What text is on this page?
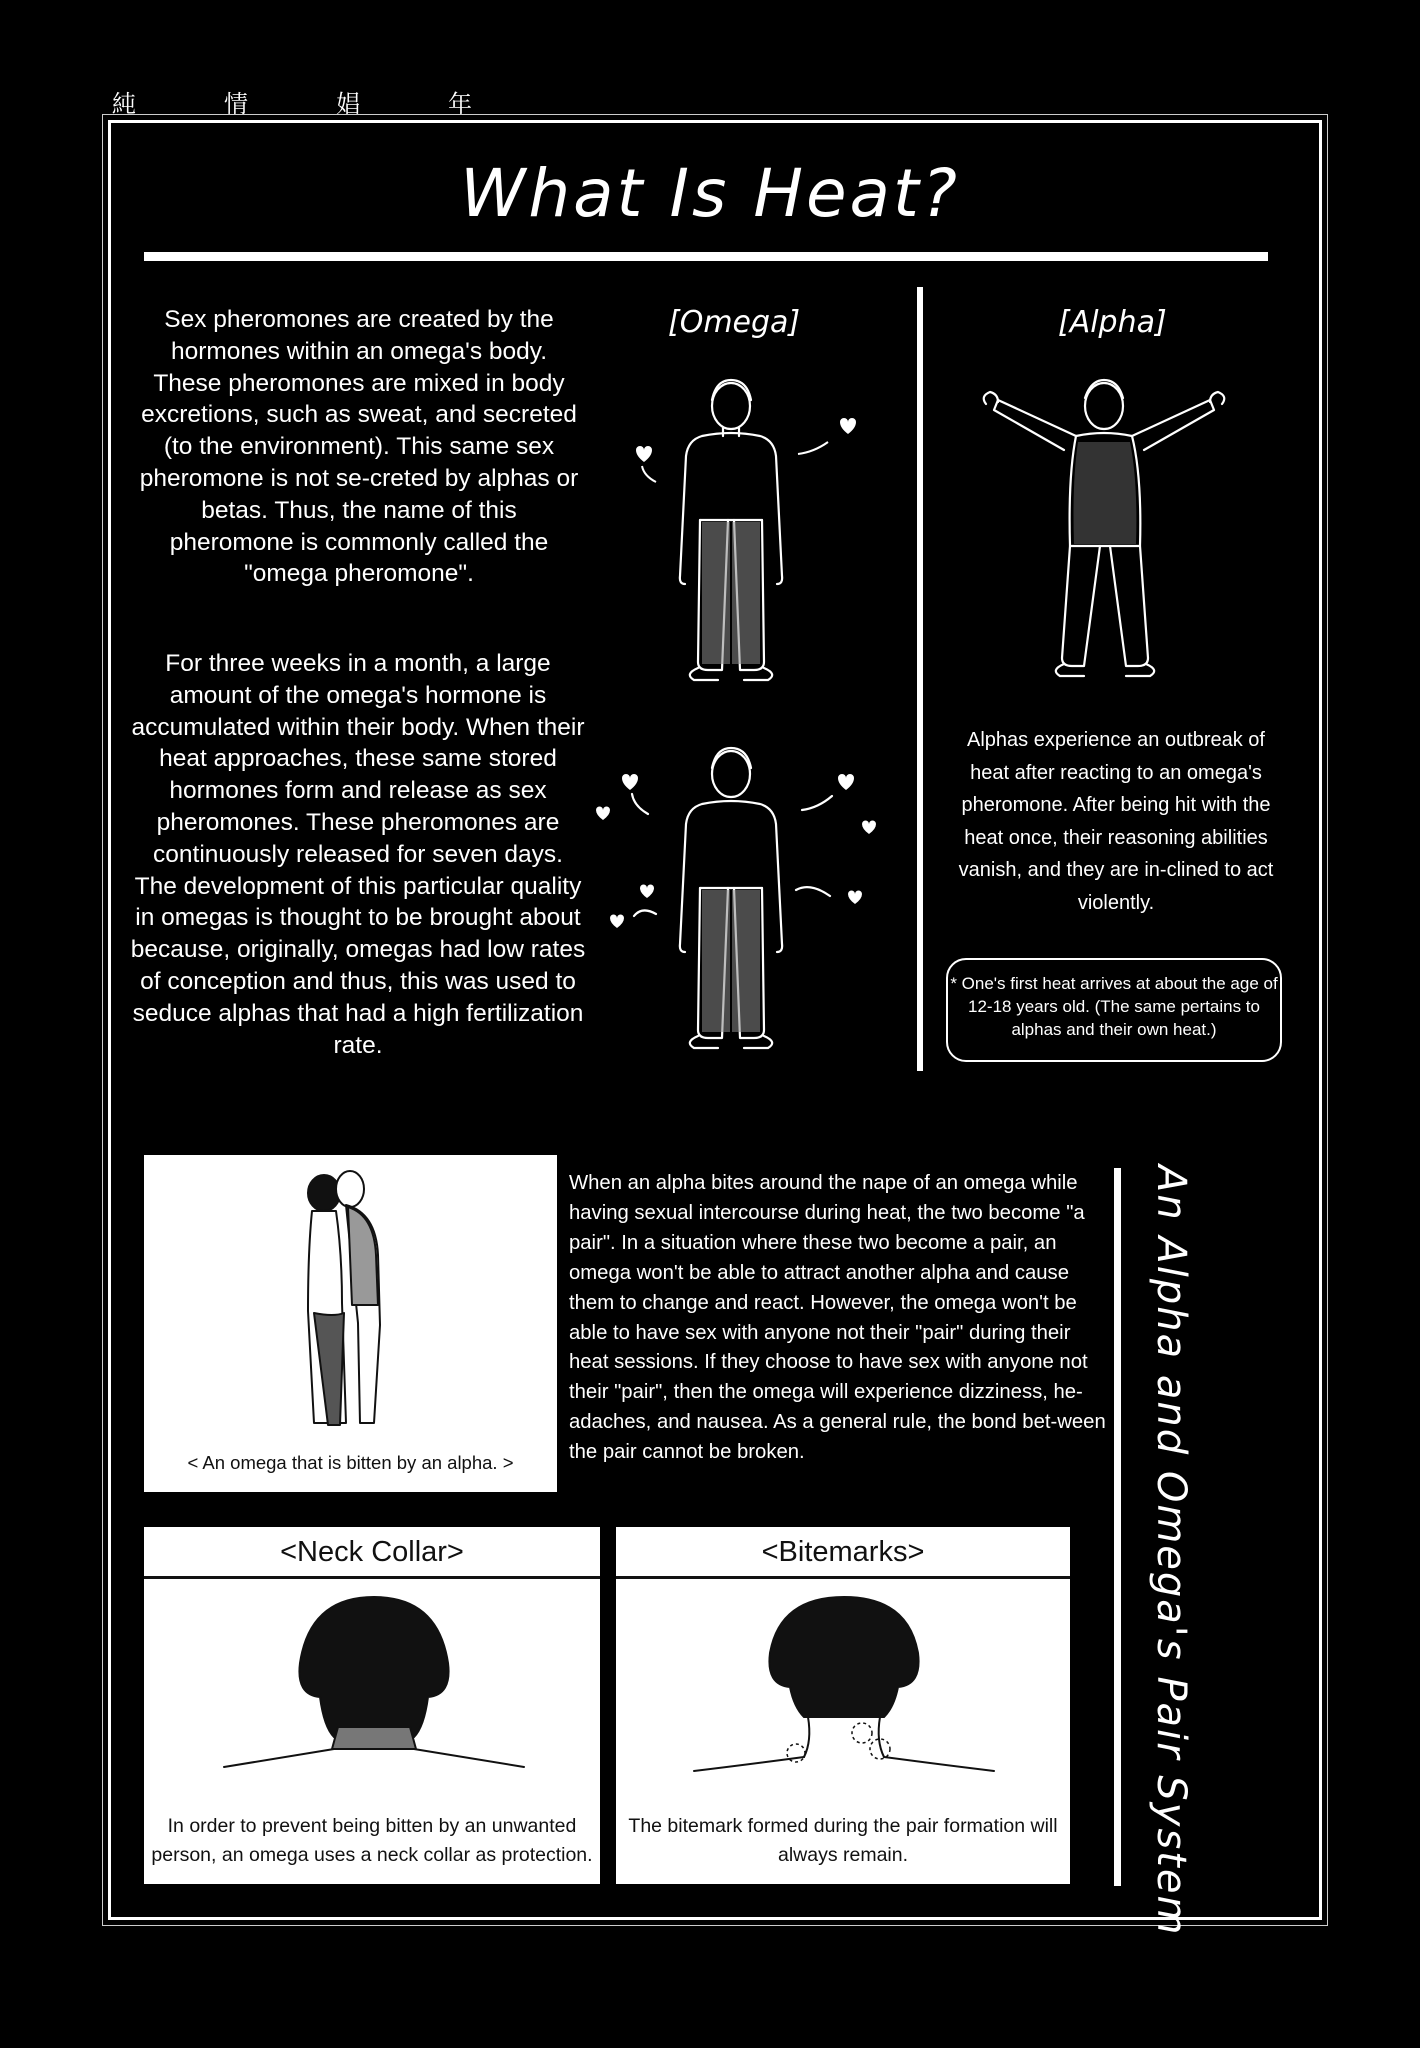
純	情	娼	年
What Is Heat?

Sex pheromones are created by the hormones within an omega's body. These pheromones are mixed in body excretions, such as sweat, and secreted (to the environment). This same sex pheromone is not se-creted by alphas or betas. Thus, the name of this pheromone is commonly called the "omega pheromone".

For three weeks in a month, a large amount of the omega's hormone is accumulated within their body. When their heat approaches, these same stored hormones form and release as sex pheromones. These pheromones are continuously released for seven days. The development of this particular quality in omegas is thought to be brought about because, originally, omegas had low rates of conception and thus, this was used to seduce alphas that had a high fertilization rate.

[Omega]	[Alpha]
Alphas experience an outbreak of heat after reacting to an omega's pheromone. After being hit with the heat once, their reasoning abilities vanish, and they are in-clined to act violently.
* One's first heat arrives at about the age of 12-18 years old. (The same pertains to alphas and their own heat.)
< An omega that is bitten by an alpha. >
When an alpha bites around the nape of an omega while having sexual intercourse during heat, the two become "a pair". In a situation where these two become a pair, an omega won't be able to attract another alpha and cause them to change and react. However, the omega won't be able to have sex with anyone not their "pair" during their heat sessions. If they choose to have sex with anyone not their "pair", then the omega will experience dizziness, he-adaches, and nausea. As a general rule, the bond bet-ween the pair cannot be broken.	An Alpha and Omega's Pair System
<Neck Collar>
In order to prevent being bitten by an unwanted person, an omega uses a neck collar as protection.
<Bitemarks>
The bitemark formed during the pair formation will always remain.
